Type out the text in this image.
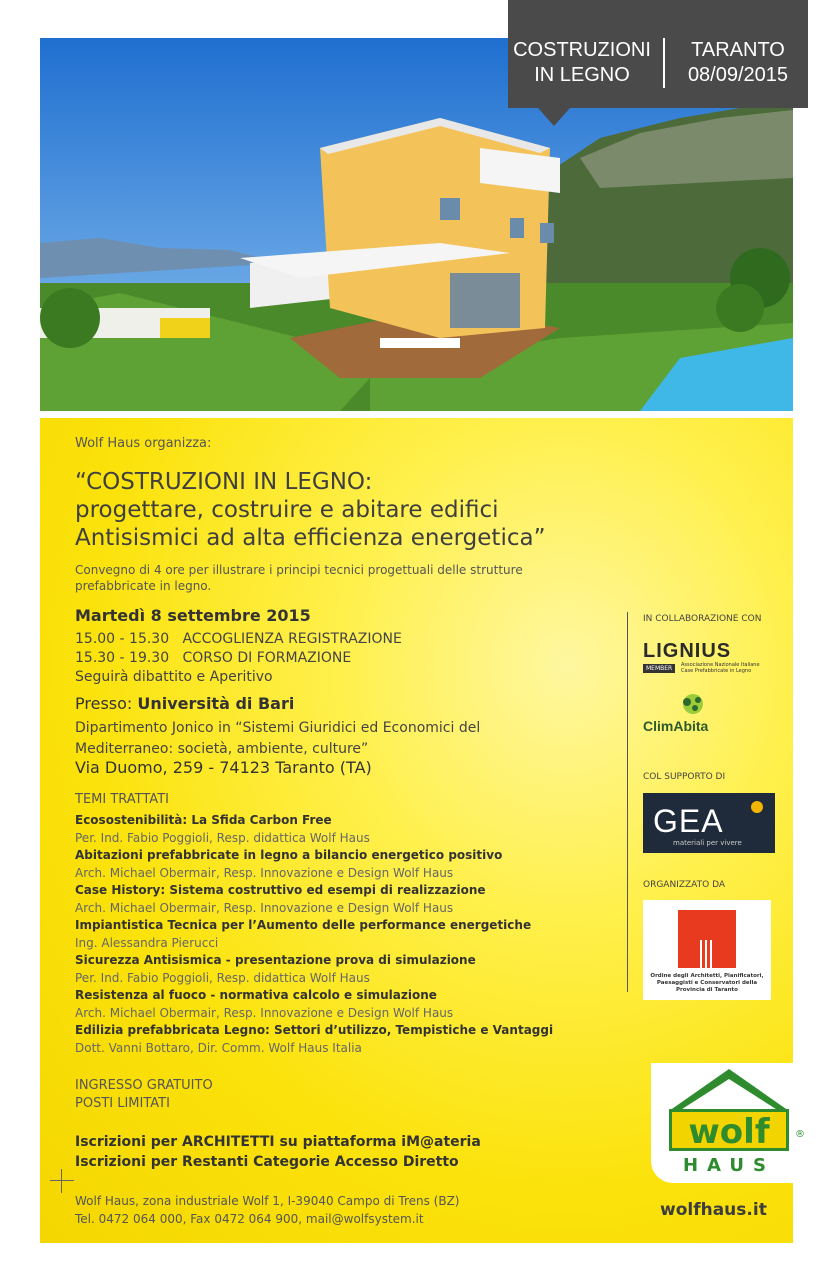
COSTRUZIONI
IN LEGNO
TARANTO
08/09/2015
Wolf Haus organizza:
“COSTRUZIONI IN LEGNO:
progettare, costruire e abitare edifici
Antisismici ad alta efficienza energetica”
Convegno di 4 ore per illustrare i principi tecnici progettuali delle strutture prefabbricate in legno.
Martedì 8 settembre 2015
15.00 - 15.30   ACCOGLIENZA REGISTRAZIONE
15.30 - 19.30   CORSO DI FORMAZIONE
Seguirà dibattito e Aperitivo
Presso: Università di Bari
Dipartimento Jonico in “Sistemi Giuridici ed Economici del
Mediterraneo: società, ambiente, culture”
Via Duomo, 259 - 74123 Taranto (TA)
TEMI TRATTATI
Ecosostenibilità: La Sfida Carbon Free
Per. Ind. Fabio Poggioli, Resp. didattica Wolf Haus
Abitazioni prefabbricate in legno a bilancio energetico positivo
Arch. Michael Obermair, Resp. Innovazione e Design Wolf Haus
Case History: Sistema costruttivo ed esempi di realizzazione
Arch. Michael Obermair, Resp. Innovazione e Design Wolf Haus
Impiantistica Tecnica per l’Aumento delle performance energetiche
Ing. Alessandra Pierucci
Sicurezza Antisismica - presentazione prova di simulazione
Per. Ind. Fabio Poggioli, Resp. didattica Wolf Haus
Resistenza al fuoco - normativa calcolo e simulazione
Arch. Michael Obermair, Resp. Innovazione e Design Wolf Haus
Edilizia prefabbricata Legno: Settori d’utilizzo, Tempistiche e Vantaggi
Dott. Vanni Bottaro, Dir. Comm. Wolf Haus Italia
INGRESSO GRATUITO
POSTI LIMITATI
Iscrizioni per ARCHITETTI su piattaforma iM@ateria
Iscrizioni per Restanti Categorie Accesso Diretto
Wolf Haus, zona industriale Wolf 1, I-39040 Campo di Trens (BZ)
Tel. 0472 064 000, Fax 0472 064 900, mail@wolfsystem.it	wolfhaus.it
IN COLLABORAZIONE CON
LIGNIUS
MEMBER	Associazione Nazionale Italiane
Case Prefabbricate in Legno
ClimAbita
COL SUPPORTO DI
GEA
materiali per vivere
ORGANIZZATO DA
Ordine degli Architetti, Pianificatori, Paesaggisti e Conservatori della Provincia di Taranto
wolf	®
HAUS
